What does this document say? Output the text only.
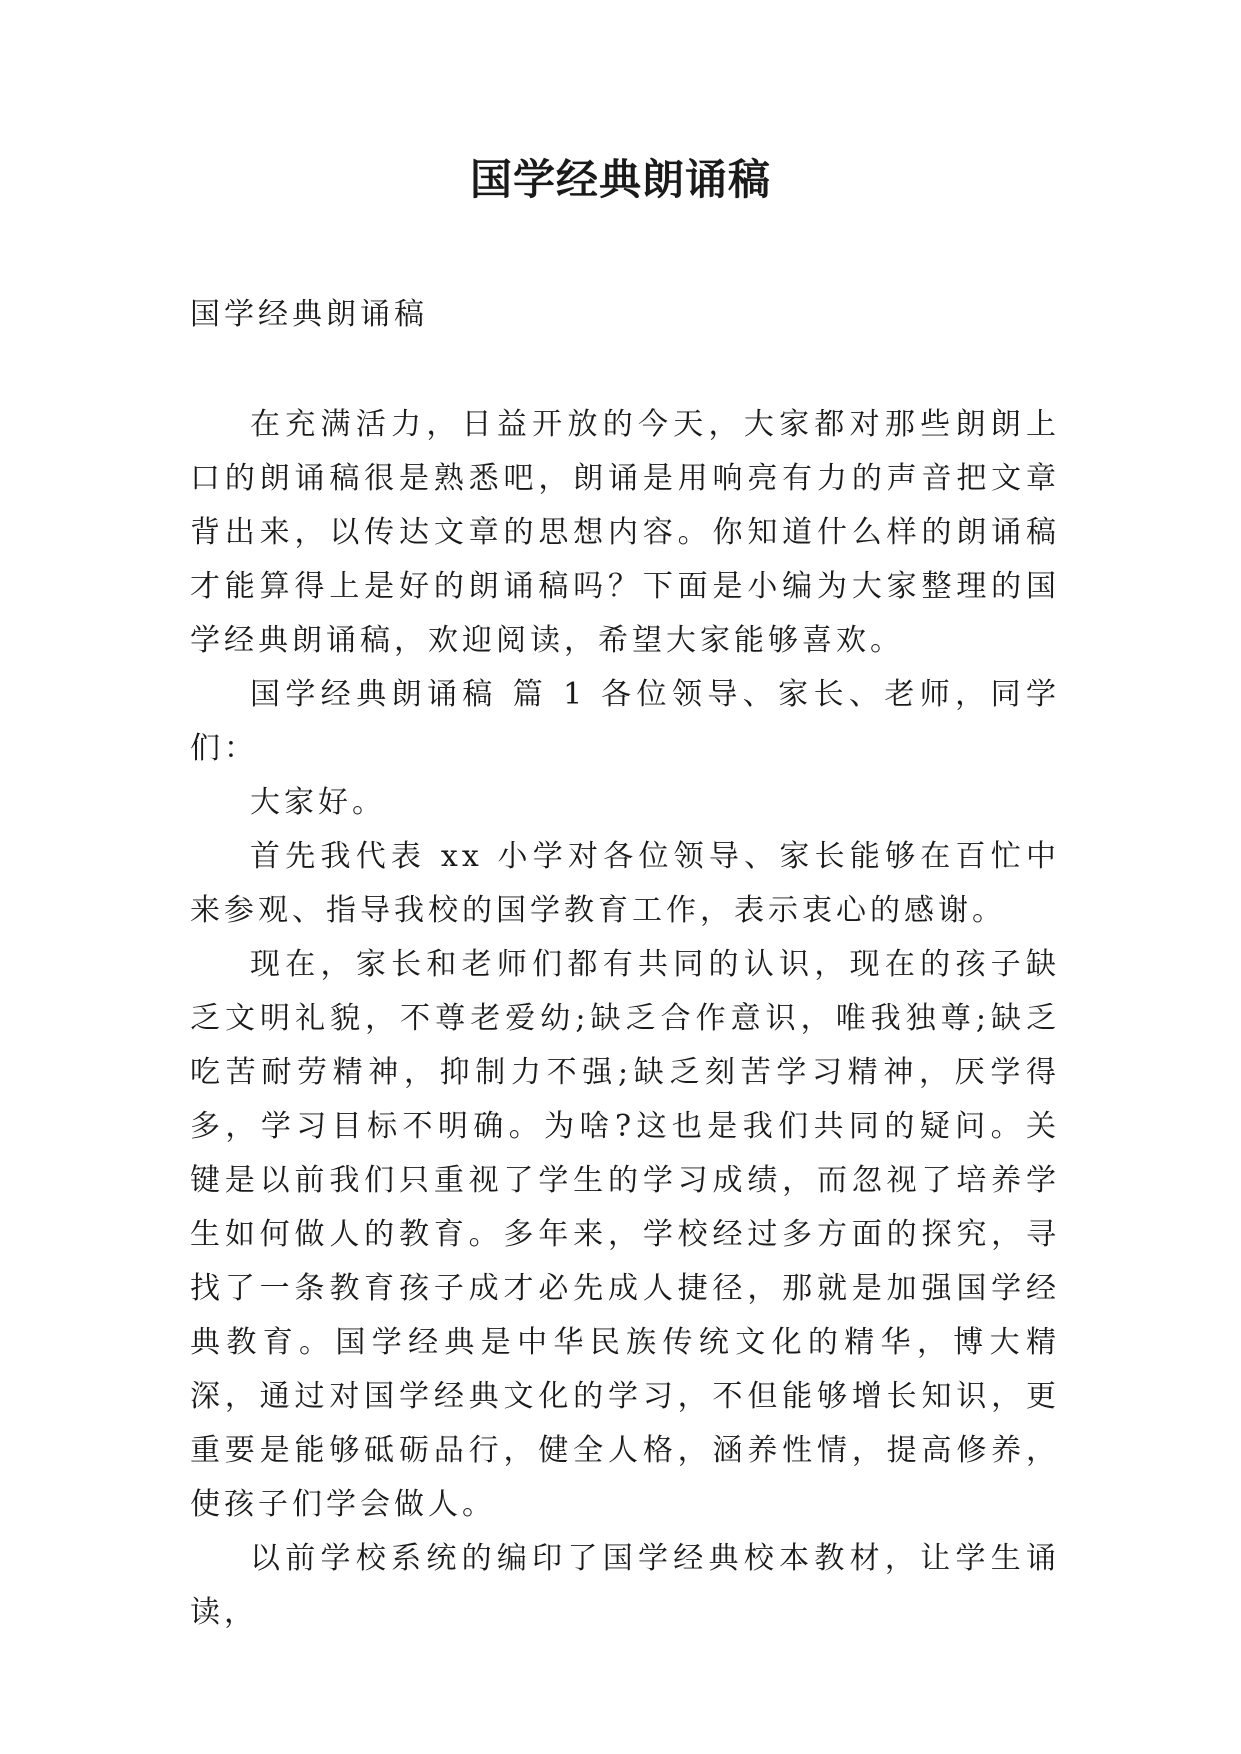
国学经典朗诵稿

国学经典朗诵稿

在充满活力，日益开放的今天，大家都对那些朗朗上口的朗诵稿很是熟悉吧，朗诵是用响亮有力的声音把文章背出来，以传达文章的思想内容。你知道什么样的朗诵稿才能算得上是好的朗诵稿吗？下面是小编为大家整理的国学经典朗诵稿，欢迎阅读，希望大家能够喜欢。

国学经典朗诵稿 篇 1 各位领导、家长、老师，同学们：

大家好。

首先我代表 xx 小学对各位领导、家长能够在百忙中来参观、指导我校的国学教育工作，表示衷心的感谢。

现在，家长和老师们都有共同的认识，现在的孩子缺乏文明礼貌，不尊老爱幼;缺乏合作意识，唯我独尊;缺乏吃苦耐劳精神，抑制力不强;缺乏刻苦学习精神，厌学得多，学习目标不明确。为啥?这也是我们共同的疑问。关键是以前我们只重视了学生的学习成绩，而忽视了培养学生如何做人的教育。多年来，学校经过多方面的探究，寻找了一条教育孩子成才必先成人捷径，那就是加强国学经典教育。国学经典是中华民族传统文化的精华，博大精深，通过对国学经典文化的学习，不但能够增长知识，更重要是能够砥砺品行，健全人格，涵养性情，提高修养，使孩子们学会做人。

以前学校系统的编印了国学经典校本教材，让学生诵读，
